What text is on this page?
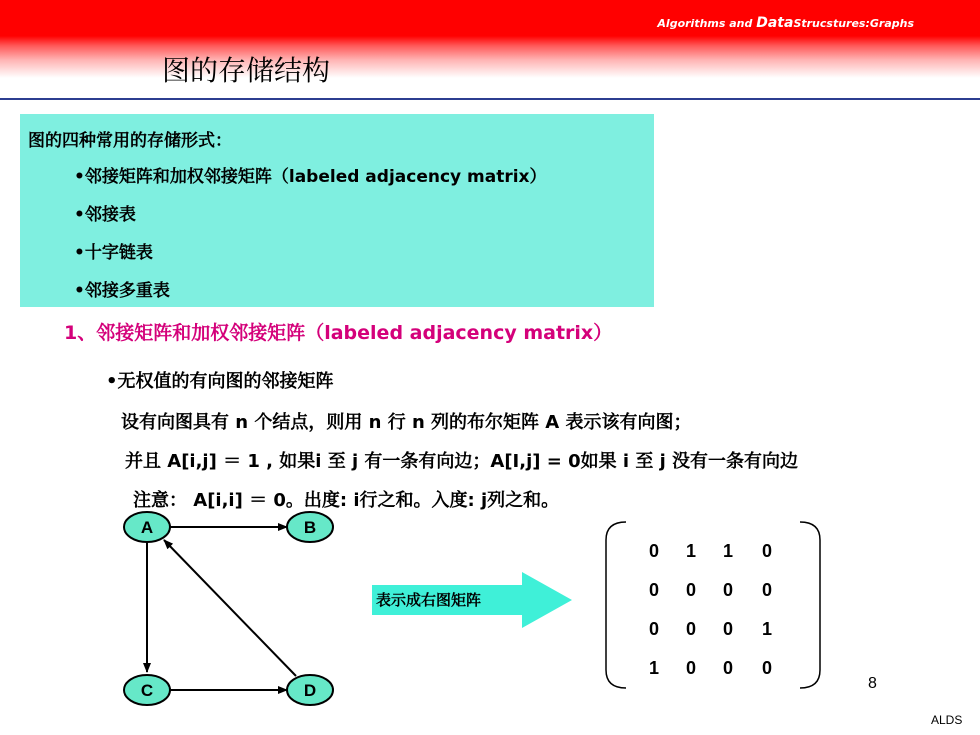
Algorithms and DataStrucstures:Graphs
图的存储结构
图的四种常用的存储形式：
•邻接矩阵和加权邻接矩阵（labeled adjacency matrix）
•邻接表
•十字链表
•邻接多重表
1、邻接矩阵和加权邻接矩阵（labeled adjacency matrix）
•无权值的有向图的邻接矩阵
设有向图具有 n 个结点，则用 n 行 n 列的布尔矩阵 A 表示该有向图；
并且 A[i,j] ＝ 1 , 如果i 至 j 有一条有向边；A[I,j] = 0如果 i 至 j 没有一条有向边
注意： A[i,i] ＝ 0。出度: i行之和。入度: j列之和。
A	B
C	D
表示成右图矩阵
0	1	1	0
0	0	0	0
0	0	0	1
1	0	0	0
8
ALDS
